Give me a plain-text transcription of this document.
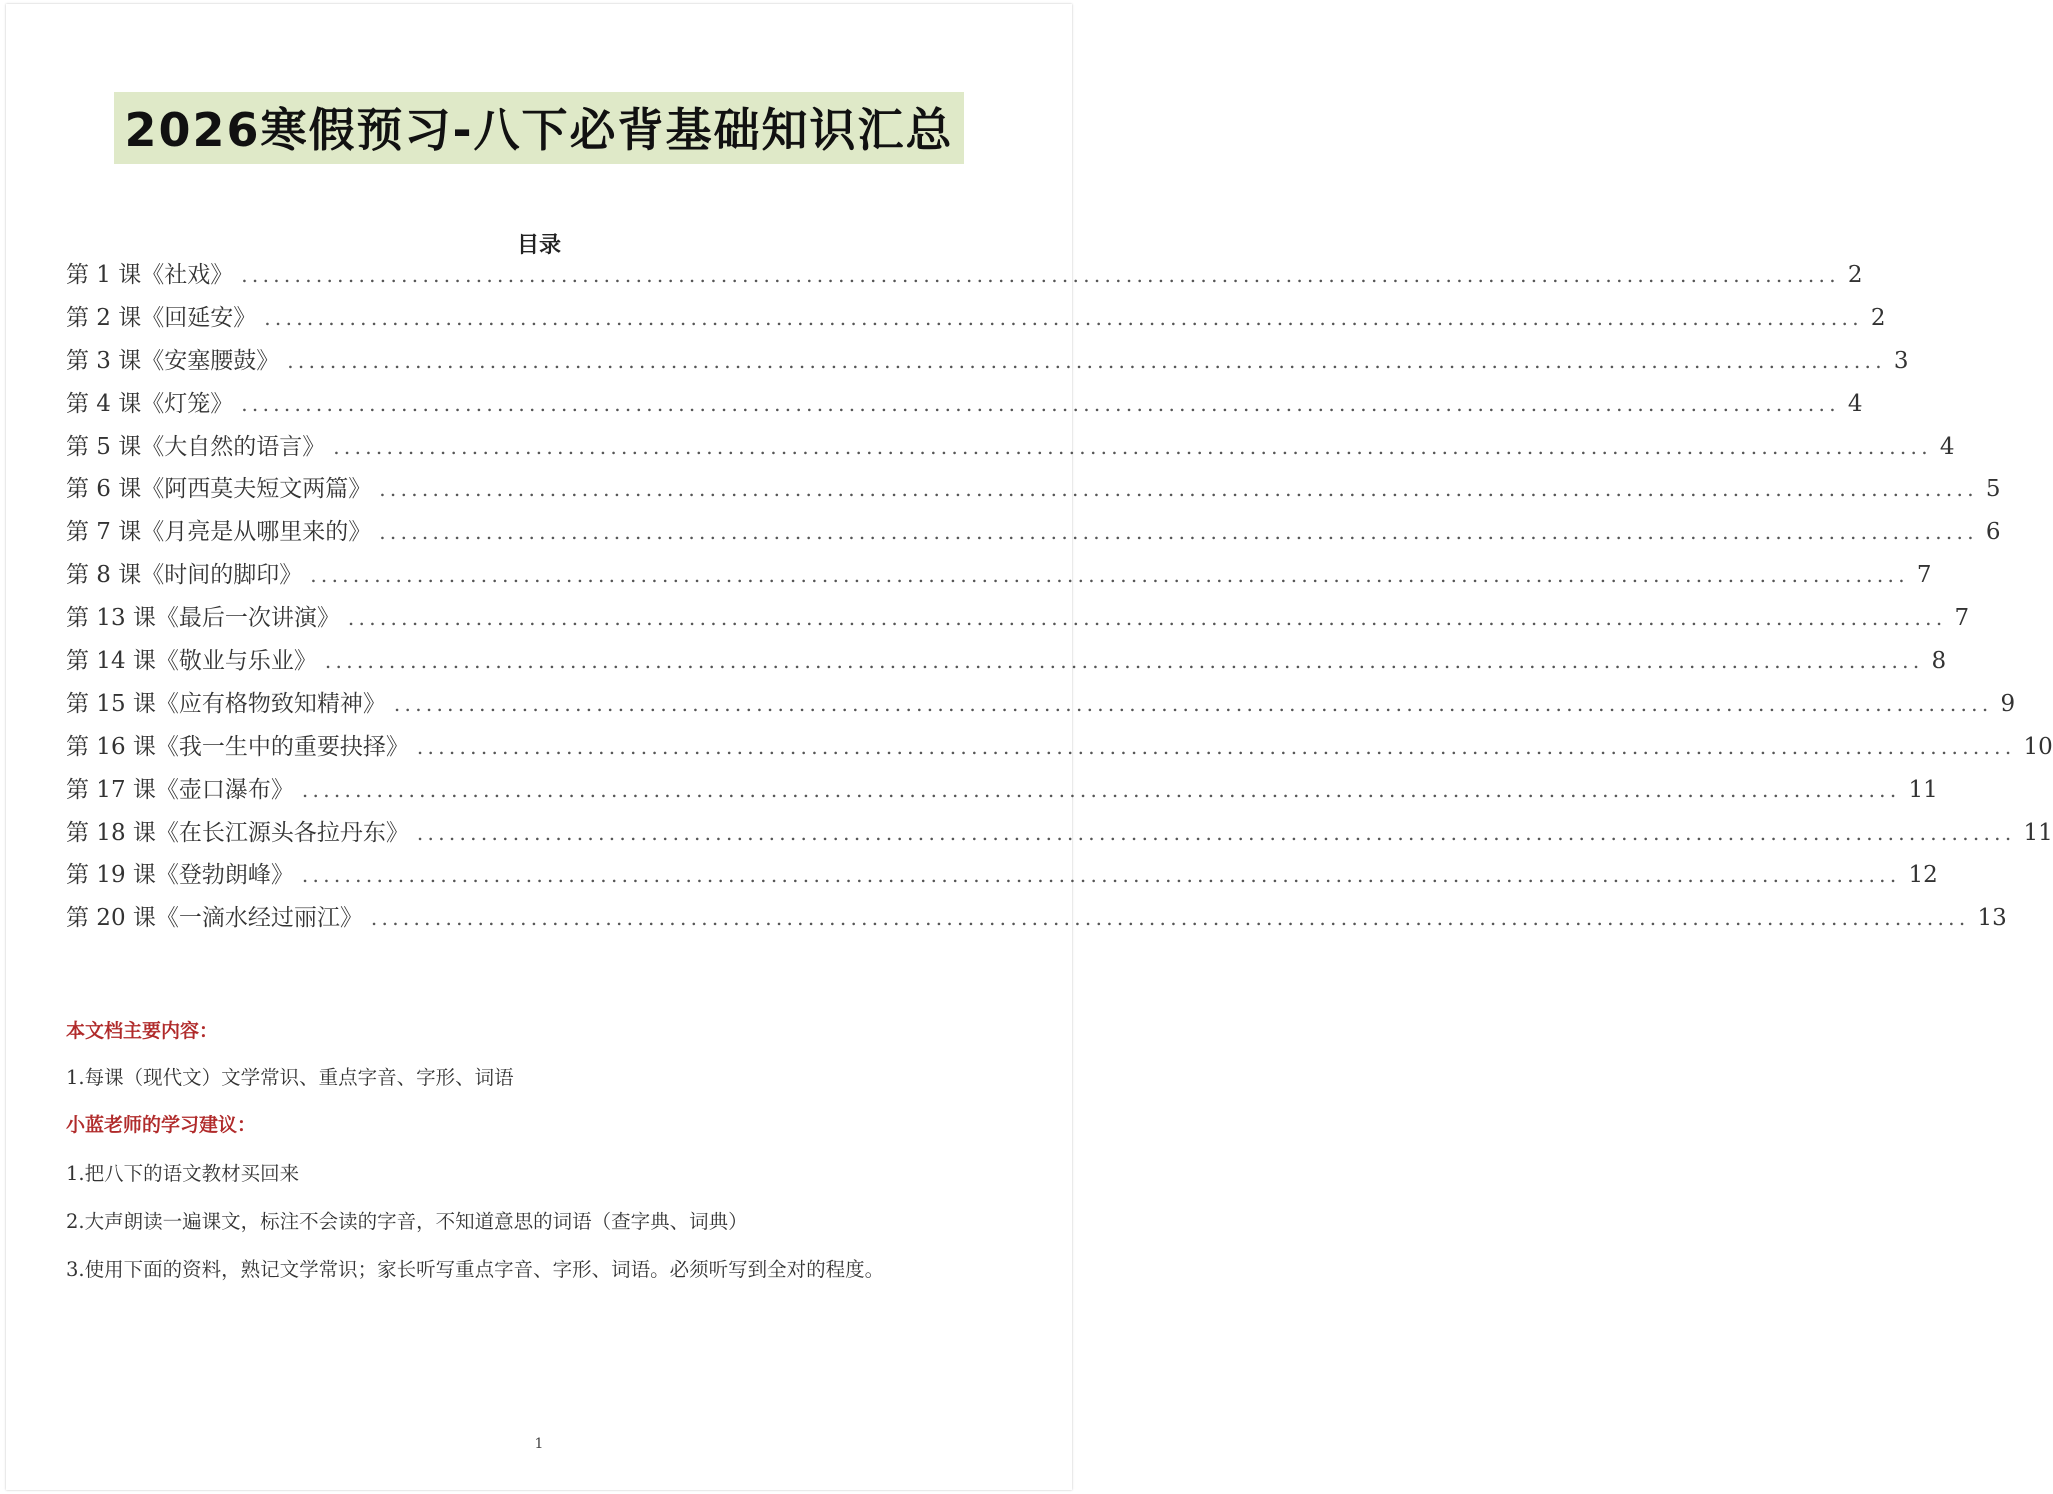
2026寒假预习-八下必背基础知识汇总
目录
第 1 课《社戏》 ...................................................................................................................................................... 2
第 2 课《回延安》 ...................................................................................................................................................... 2
第 3 课《安塞腰鼓》 ...................................................................................................................................................... 3
第 4 课《灯笼》 ...................................................................................................................................................... 4
第 5 课《大自然的语言》 ...................................................................................................................................................... 4
第 6 课《阿西莫夫短文两篇》 ...................................................................................................................................................... 5
第 7 课《月亮是从哪里来的》 ...................................................................................................................................................... 6
第 8 课《时间的脚印》 ...................................................................................................................................................... 7
第 13 课《最后一次讲演》 ...................................................................................................................................................... 7
第 14 课《敬业与乐业》 ...................................................................................................................................................... 8
第 15 课《应有格物致知精神》 ...................................................................................................................................................... 9
第 16 课《我一生中的重要抉择》 ...................................................................................................................................................... 10
第 17 课《壶口瀑布》 ...................................................................................................................................................... 11
第 18 课《在长江源头各拉丹东》 ...................................................................................................................................................... 11
第 19 课《登勃朗峰》 ...................................................................................................................................................... 12
第 20 课《一滴水经过丽江》 ...................................................................................................................................................... 13
本文档主要内容：
1.每课（现代文）文学常识、重点字音、字形、词语
小蓝老师的学习建议：
1.把八下的语文教材买回来
2.大声朗读一遍课文，标注不会读的字音，不知道意思的词语（查字典、词典）
3.使用下面的资料，熟记文学常识；家长听写重点字音、字形、词语。必须听写到全对的程度。
1
